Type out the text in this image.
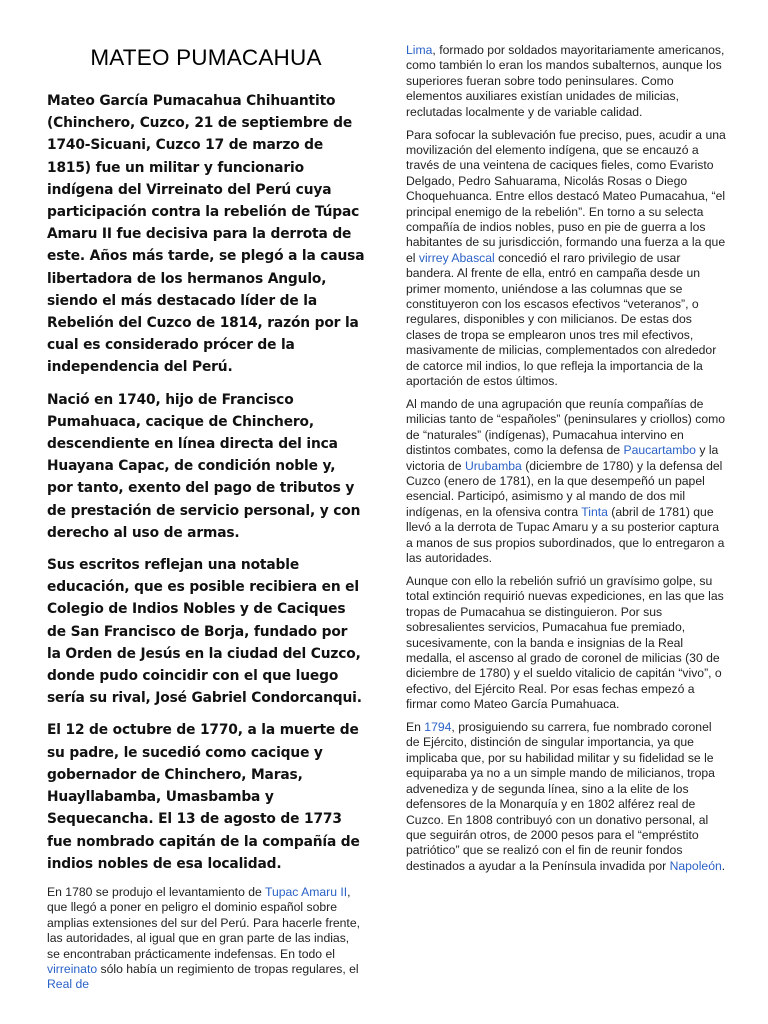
MATEO PUMACAHUA

Mateo García Pumacahua Chihuantito (Chinchero, Cuzco, 21 de septiembre de 1740-Sicuani, Cuzco 17 de marzo de 1815) fue un militar y funcionario indígena del Virreinato del Perú cuya participación contra la rebelión de Túpac Amaru II fue decisiva para la derrota de este. Años más tarde, se plegó a la causa libertadora de los hermanos Angulo, siendo el más destacado líder de la Rebelión del Cuzco de 1814, razón por la cual es considerado prócer de la independencia del Perú.

Nació en 1740, hijo de Francisco Pumahuaca, cacique de Chinchero, descendiente en línea directa del inca Huayana Capac, de condición noble y, por tanto, exento del pago de tributos y de prestación de servicio personal, y con derecho al uso de armas.

Sus escritos reflejan una notable educación, que es posible recibiera en el Colegio de Indios Nobles y de Caciques de San Francisco de Borja, fundado por la Orden de Jesús en la ciudad del Cuzco, donde pudo coincidir con el que luego sería su rival, José Gabriel Condorcanqui.

El 12 de octubre de 1770, a la muerte de su padre, le sucedió como cacique y gobernador de Chinchero, Maras, Huayllabamba, Umasbamba y Sequecancha. El 13 de agosto de 1773 fue nombrado capitán de la compañía de indios nobles de esa localidad.

En 1780 se produjo el levantamiento de Tupac Amaru II, que llegó a poner en peligro el dominio español sobre amplias extensiones del sur del Perú. Para hacerle frente, las autoridades, al igual que en gran parte de las indias, se encontraban prácticamente indefensas. En todo el virreinato sólo había un regimiento de tropas regulares, el Real de

Lima, formado por soldados mayoritariamente americanos, como también lo eran los mandos subalternos, aunque los superiores fueran sobre todo peninsulares. Como elementos auxiliares existían unidades de milicias, reclutadas localmente y de variable calidad.

Para sofocar la sublevación fue preciso, pues, acudir a una movilización del elemento indígena, que se encauzó a través de una veintena de caciques fieles, como Evaristo Delgado, Pedro Sahuarama, Nicolás Rosas o Diego Choquehuanca. Entre ellos destacó Mateo Pumacahua, “el principal enemigo de la rebelión”. En torno a su selecta compañía de indios nobles, puso en pie de guerra a los habitantes de su jurisdicción, formando una fuerza a la que el virrey Abascal concedió el raro privilegio de usar bandera. Al frente de ella, entró en campaña desde un primer momento, uniéndose a las columnas que se constituyeron con los escasos efectivos “veteranos”, o regulares, disponibles y con milicianos. De estas dos clases de tropa se emplearon unos tres mil efectivos, masivamente de milicias, complementados con alrededor de catorce mil indios, lo que refleja la importancia de la aportación de estos últimos.

Al mando de una agrupación que reunía compañías de milicias tanto de “españoles” (peninsulares y criollos) como de “naturales” (indígenas), Pumacahua intervino en distintos combates, como la defensa de Paucartambo y la victoria de Urubamba (diciembre de 1780) y la defensa del Cuzco (enero de 1781), en la que desempeñó un papel esencial. Participó, asimismo y al mando de dos mil indígenas, en la ofensiva contra Tinta (abril de 1781) que llevó a la derrota de Tupac Amaru y a su posterior captura a manos de sus propios subordinados, que lo entregaron a las autoridades.

Aunque con ello la rebelión sufrió un gravísimo golpe, su total extinción requirió nuevas expediciones, en las que las tropas de Pumacahua se distinguieron. Por sus sobresalientes servicios, Pumacahua fue premiado, sucesivamente, con la banda e insignias de la Real medalla, el ascenso al grado de coronel de milicias (30 de diciembre de 1780) y el sueldo vitalicio de capitán “vivo”, o efectivo, del Ejército Real. Por esas fechas empezó a firmar como Mateo García Pumahuaca.

En 1794, prosiguiendo su carrera, fue nombrado coronel de Ejército, distinción de singular importancia, ya que implicaba que, por su habilidad militar y su fidelidad se le equiparaba ya no a un simple mando de milicianos, tropa advenediza y de segunda línea, sino a la elite de los defensores de la Monarquía y en 1802 alférez real de Cuzco. En 1808 contribuyó con un donativo personal, al que seguirán otros, de 2000 pesos para el “empréstito patriótico” que se realizó con el fin de reunir fondos destinados a ayudar a la Península invadida por Napoleón.
